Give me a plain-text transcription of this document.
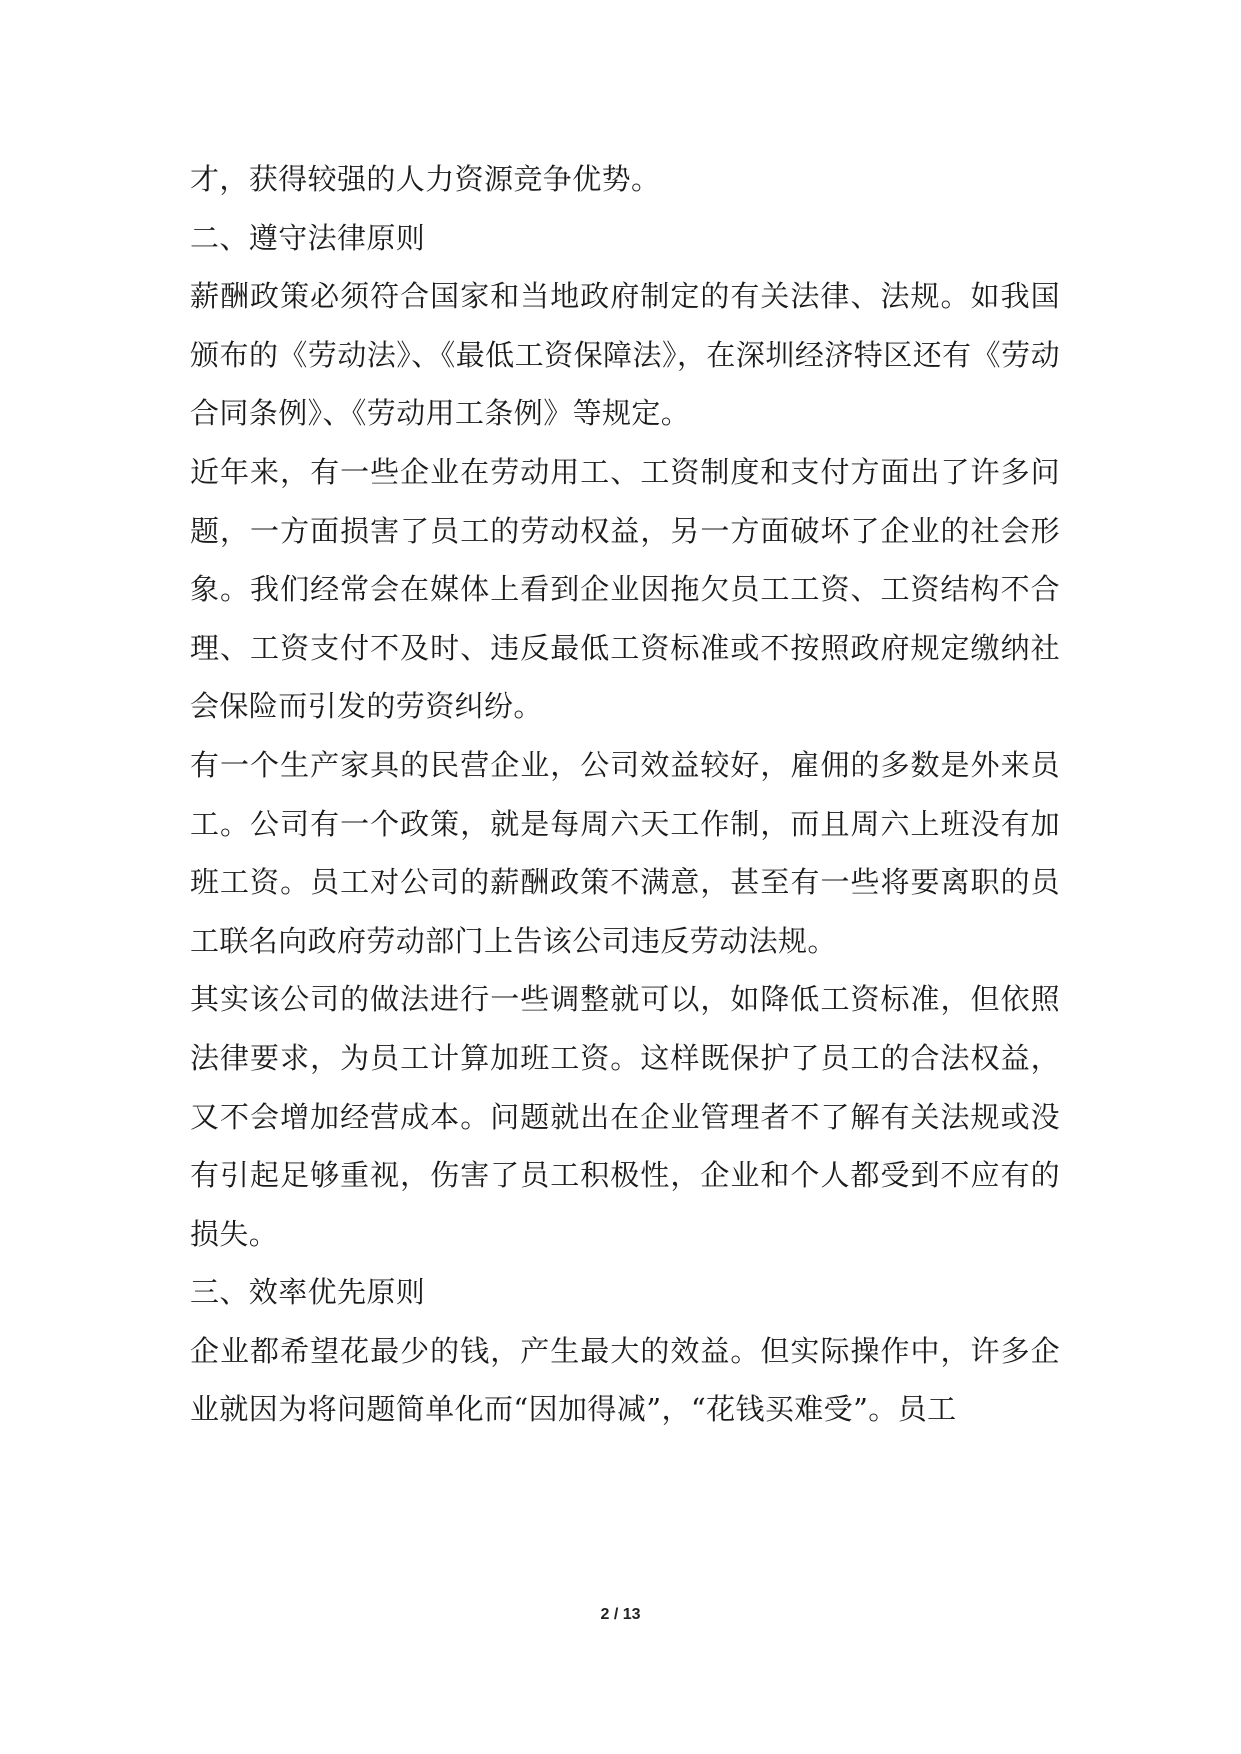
才，获得较强的人力资源竞争优势。

二、遵守法律原则

薪酬政策必须符合国家和当地政府制定的有关法律、法规。如我国颁布的《劳动法》、《最低工资保障法》，在深圳经济特区还有《劳动合同条例》、《劳动用工条例》等规定。

近年来，有一些企业在劳动用工、工资制度和支付方面出了许多问题，一方面损害了员工的劳动权益，另一方面破坏了企业的社会形象。我们经常会在媒体上看到企业因拖欠员工工资、工资结构不合理、工资支付不及时、违反最低工资标准或不按照政府规定缴纳社会保险而引发的劳资纠纷。

有一个生产家具的民营企业，公司效益较好，雇佣的多数是外来员工。公司有一个政策，就是每周六天工作制，而且周六上班没有加班工资。员工对公司的薪酬政策不满意，甚至有一些将要离职的员工联名向政府劳动部门上告该公司违反劳动法规。

其实该公司的做法进行一些调整就可以，如降低工资标准，但依照法律要求，为员工计算加班工资。这样既保护了员工的合法权益，又不会增加经营成本。问题就出在企业管理者不了解有关法规或没有引起足够重视，伤害了员工积极性，企业和个人都受到不应有的损失。

三、效率优先原则

企业都希望花最少的钱，产生最大的效益。但实际操作中，许多企业就因为将问题简单化而“因加得减”，“花钱买难受”。员工

2 / 13
